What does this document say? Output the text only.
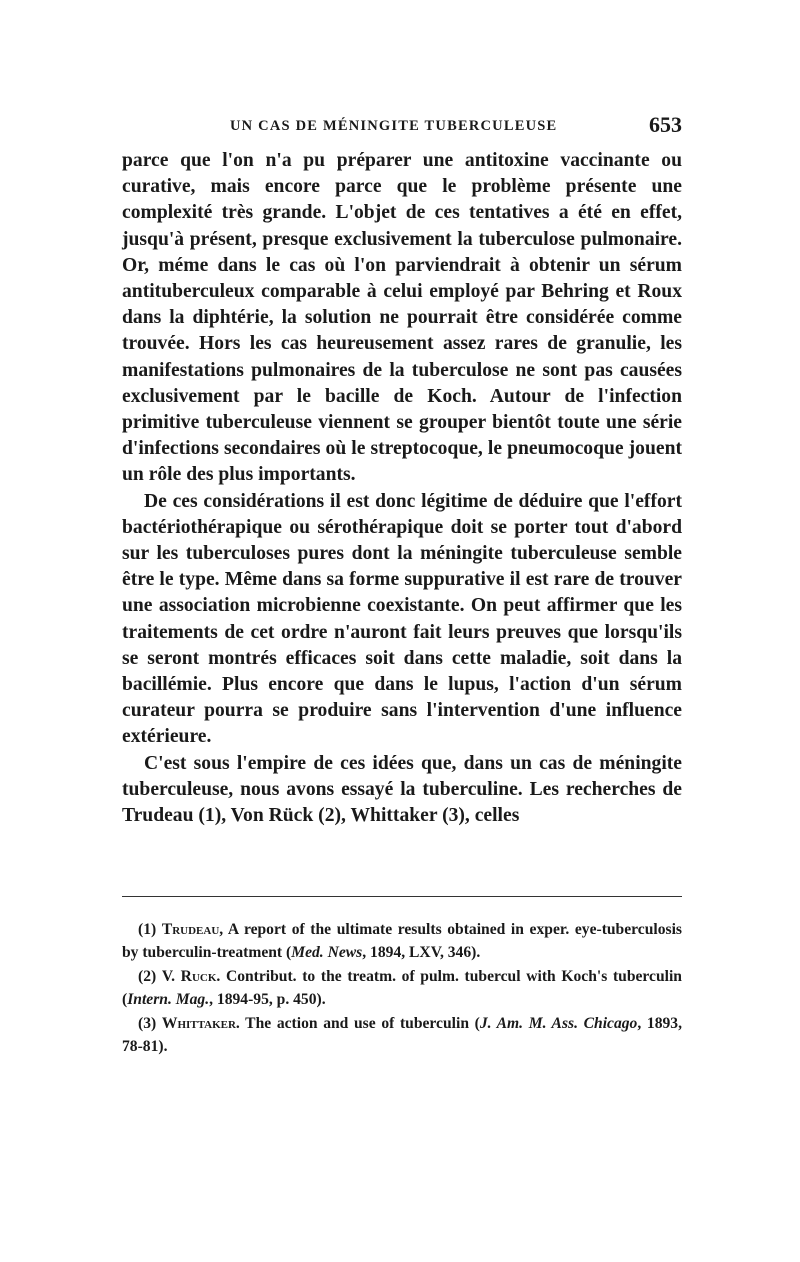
UN CAS DE MÉNINGITE TUBERCULEUSE	653

parce que l'on n'a pu préparer une antitoxine vaccinante ou curative, mais encore parce que le problème présente une complexité très grande. L'objet de ces tentatives a été en effet, jusqu'à présent, presque exclusivement la tuberculose pulmonaire. Or, méme dans le cas où l'on parviendrait à obtenir un sérum antituberculeux comparable à celui employé par Behring et Roux dans la diphtérie, la solution ne pourrait être considérée comme trouvée. Hors les cas heureusement assez rares de granulie, les manifestations pulmonaires de la tuberculose ne sont pas causées exclusivement par le bacille de Koch. Autour de l'infection primitive tuberculeuse viennent se grouper bientôt toute une série d'infections secondaires où le streptocoque, le pneumocoque jouent un rôle des plus importants.

De ces considérations il est donc légitime de déduire que l'effort bactériothérapique ou sérothérapique doit se porter tout d'abord sur les tuberculoses pures dont la méningite tuberculeuse semble être le type. Même dans sa forme suppurative il est rare de trouver une association microbienne coexistante. On peut affirmer que les traitements de cet ordre n'auront fait leurs preuves que lorsqu'ils se seront montrés efficaces soit dans cette maladie, soit dans la bacillémie. Plus encore que dans le lupus, l'action d'un sérum curateur pourra se produire sans l'intervention d'une influence extérieure.

C'est sous l'empire de ces idées que, dans un cas de méningite tuberculeuse, nous avons essayé la tuberculine. Les recherches de Trudeau (1), Von Rück (2), Whittaker (3), celles

(1) Trudeau, A report of the ultimate results obtained in exper. eye-tuberculosis by tuberculin-treatment (Med. News, 1894, LXV, 346).

(2) V. Ruck. Contribut. to the treatm. of pulm. tubercul with Koch's tuberculin (Intern. Mag., 1894-95, p. 450).

(3) Whittaker. The action and use of tuberculin (J. Am. M. Ass. Chicago, 1893, 78-81).
